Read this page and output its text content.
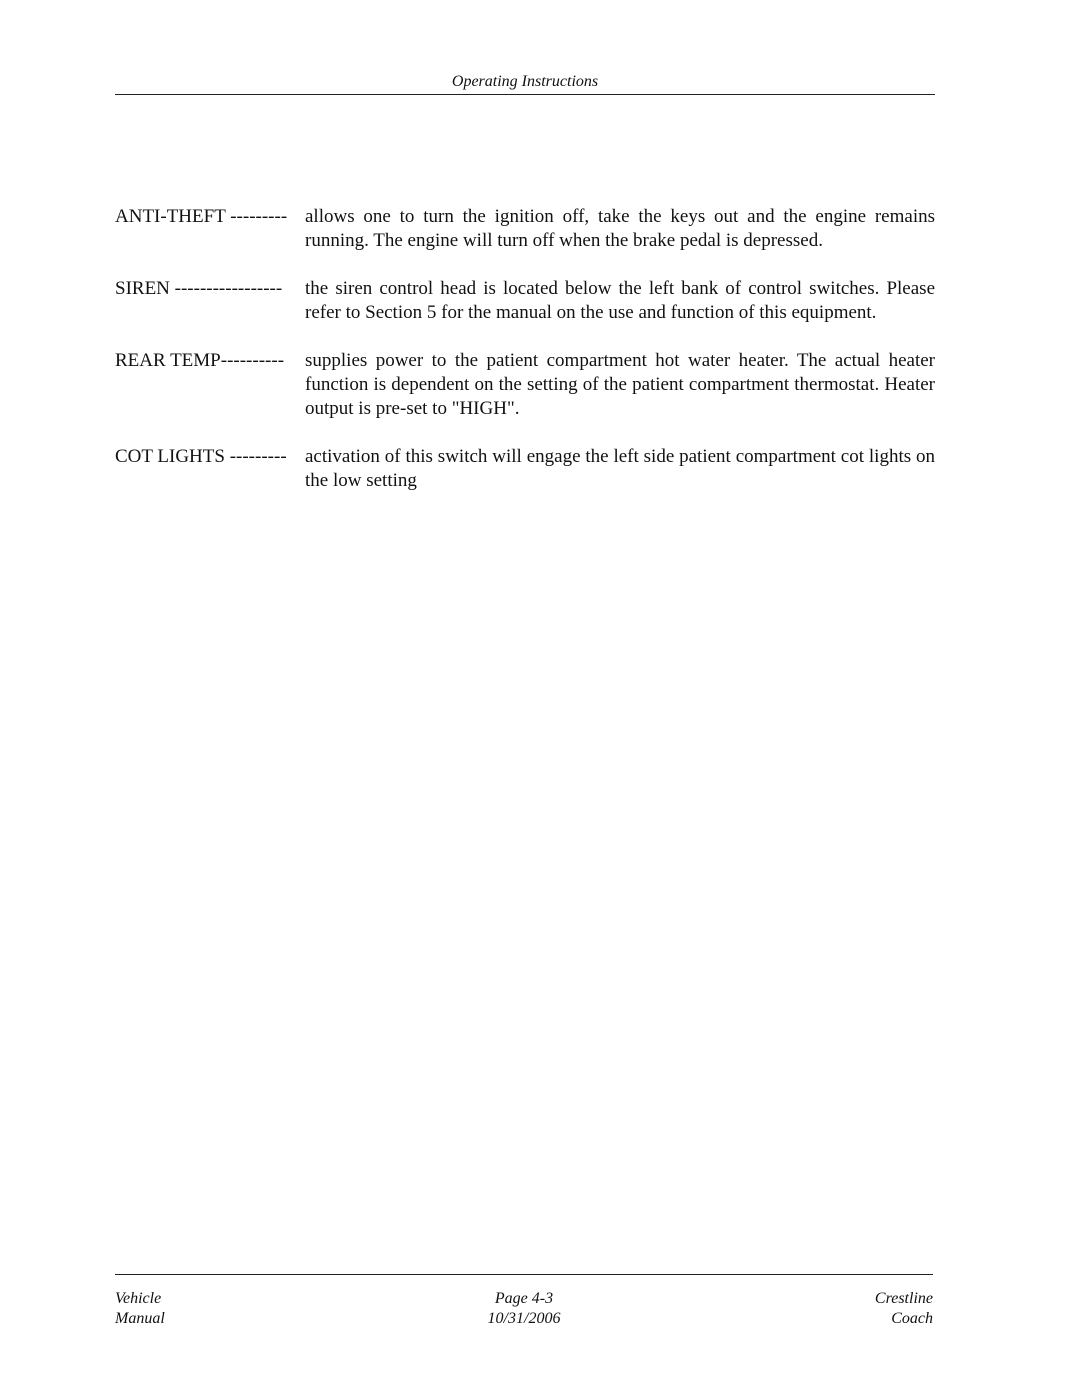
Operating Instructions
ANTI-THEFT --------- allows one to turn the ignition off, take the keys out and the engine remains running. The engine will turn off when the brake pedal is depressed.
SIREN -----------------	the siren control head is located below the left bank of control switches. Please refer to Section 5 for the manual on the use and function of this equipment.
REAR TEMP----------	supplies power to the patient compartment hot water heater. The actual heater function is dependent on the setting of the patient compartment thermostat. Heater output is pre-set to "HIGH".
COT LIGHTS --------- activation of this switch will engage the left side patient compartment cot lights on the low setting
Vehicle
Manual
Page 4-3
10/31/2006
Crestline
Coach
